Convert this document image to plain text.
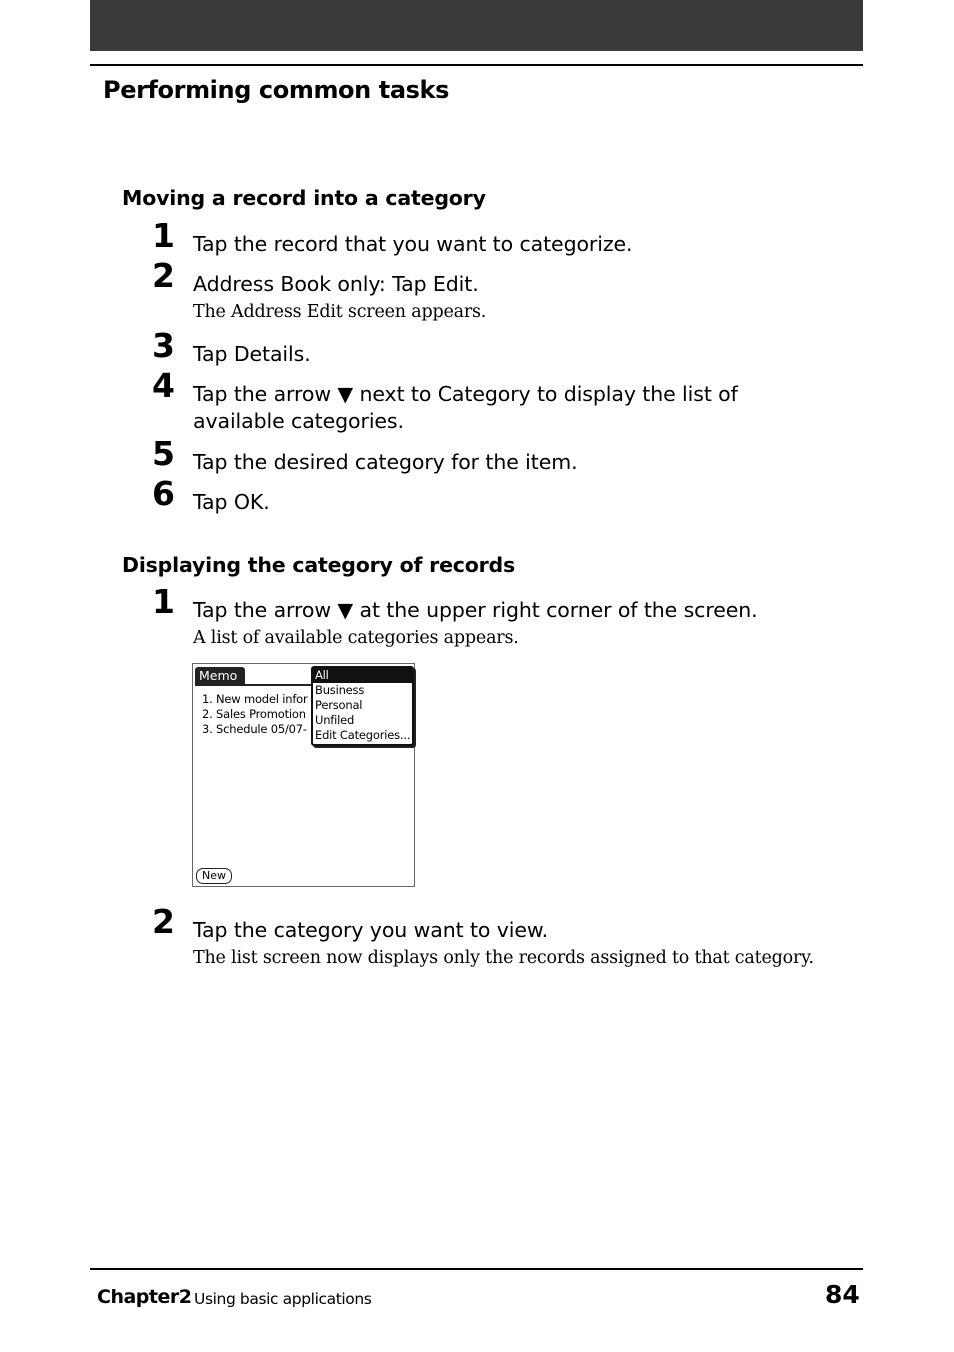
Performing common tasks
Moving a record into a category
1 Tap the record that you want to categorize.
2 Address Book only: Tap Edit.
The Address Edit screen appears.
3 Tap Details.
4 Tap the arrow ▼ next to Category to display the list of available categories.
5 Tap the desired category for the item.
6 Tap OK.
Displaying the category of records
1 Tap the arrow ▼ at the upper right corner of the screen.
A list of available categories appears.
Memo
1. New model infor
2. Sales Promotion
3. Schedule 05/07-
All
Business
Personal
Unfiled
Edit Categories...
New
2 Tap the category you want to view.
The list screen now displays only the records assigned to that category.
Chapter2 Using basic applications	84
